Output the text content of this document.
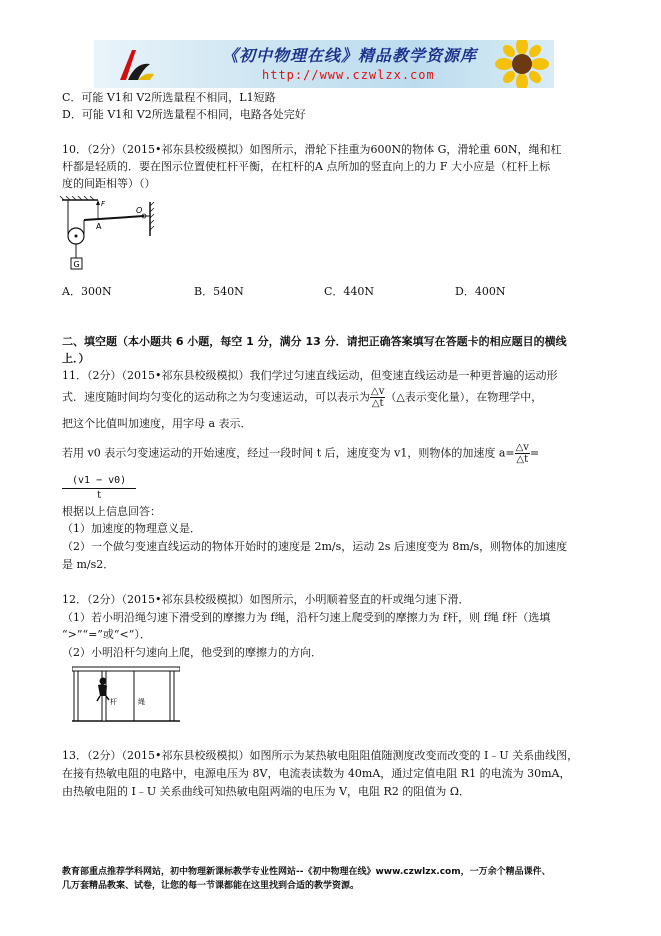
《初中物理在线》精品教学资源库
http://www.czwlzx.com
C．可能 V1和 V2所选量程不相同，L1短路
D．可能 V1和 V2所选量程不相同，电路各处完好
10．（2分）（2015•祁东县校级模拟）如图所示，滑轮下挂重为600N的物体 G，滑轮重 60N，绳和杠
杆都是轻质的．要在图示位置使杠杆平衡，在杠杆的A 点所加的竖直向上的力 F 大小应是（杠杆上标
度的间距相等）（）
G
F
A
O
A．300N	B．540N	C．440N	D．400N
二、填空题（本小题共 6 小题，每空 1 分，满分 13 分．请把正确答案填写在答题卡的相应题目的横线
上．）
11．（2分）（2015•祁东县校级模拟）我们学过匀速直线运动，但变速直线运动是一种更普遍的运动形
式．速度随时间均匀变化的运动称之为匀变速运动，可以表示为 $\frac{\triangle v}{\triangle t}$ （△表示变化量），在物理学中，
把这个比值叫加速度，用字母 a 表示．
若用 v0 表示匀变速运动的开始速度，经过一段时间 t 后，速度变为 v1，则物体的加速度 $a= \frac{\triangle v}{\triangle t}$ =
$\frac{(v1 - v0)}{t}$
根据以上信息回答：
（1）加速度的物理意义是．
（2）一个做匀变速直线运动的物体开始时的速度是 2m/s，运动 2s 后速度变为 8m/s，则物体的加速度
是 m/s2．
12．（2分）（2015•祁东县校级模拟）如图所示，小明顺着竖直的杆或绳匀速下滑．
（1）若小明沿绳匀速下滑受到的摩擦力为 f绳，沿杆匀速上爬受到的摩擦力为 f杆，则 f绳 f杆（选填
“>”“=”或“<”）．
（2）小明沿杆匀速向上爬，他受到的摩擦力的方向．
杆	绳
13．（2分）（2015•祁东县校级模拟）如图所示为某热敏电阻阻值随测度改变而改变的 I﹣U 关系曲线图，
在接有热敏电阻的电路中，电源电压为 8V，电流表读数为 40mA，通过定值电阻 R1 的电流为 30mA，
由热敏电阻的 I﹣U 关系曲线可知热敏电阻两端的电压为 V，电阻 R2 的阻值为 Ω．
教育部重点推荐学科网站，初中物理新课标教学专业性网站--《初中物理在线》www.czwlzx.com，一万余个精品课件、
几万套精品教案、试卷，让您的每一节课都能在这里找到合适的教学资源。
